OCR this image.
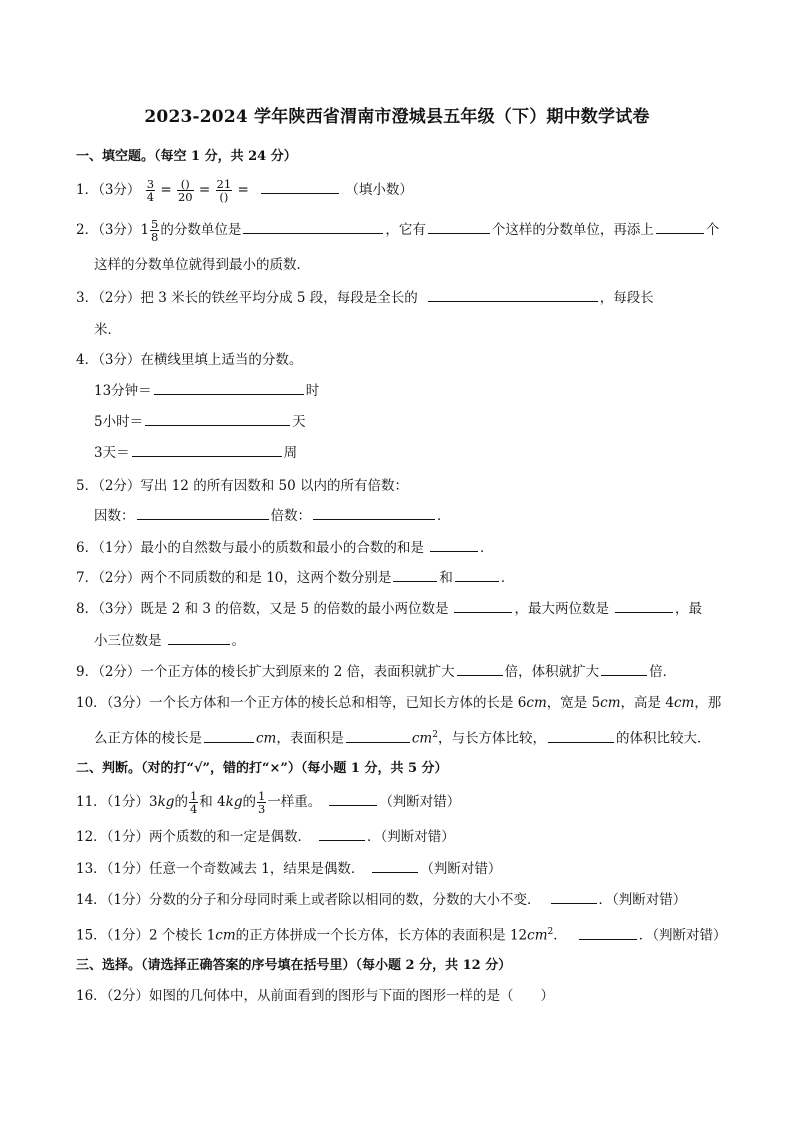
2023-2024 学年陕西省渭南市澄城县五年级（下）期中数学试卷
一、填空题。（每空 1 分，共 24 分）
1．（3分） $\frac{3}{4} = \frac{()}{20} = \frac{21}{()}$ =	（填小数）
2．（3分）$1 \frac{5}{8}$ 的分数单位是	，它有	个这样的分数单位，再添上	个
这样的分数单位就得到最小的质数．
3．（2分）把 3 米长的铁丝平均分成 5 段，每段是全长的	，每段长
米．
4．（3分）在横线里填上适当的分数。
13分钟＝	时
5小时＝	天
3天＝	周
5．（2分）写出 12 的所有因数和 50 以内的所有倍数：
因数：	倍数：	．
6．（1分）最小的自然数与最小的质数和最小的合数的和是	．
7．（2分）两个不同质数的和是 10，这两个数分别是	和	．
8．（3分）既是 2 和 3 的倍数，又是 5 的倍数的最小两位数是	，最大两位数是	，最
小三位数是	。
9．（2分）一个正方体的棱长扩大到原来的 2 倍，表面积就扩大	倍，体积就扩大	倍．
10．（3分）一个长方体和一个正方体的棱长总和相等，已知长方体的长是 6cm，宽是 5cm，高是 4cm，那
么正方体的棱长是	cm，表面积是	$cm^2$，与长方体比较，	的体积比较大．
二、判断。（对的打“√”，错的打“×”）（每小题 1 分，共 5 分）
11．（1分）3kg的 $\frac{1}{4}$ 和 4kg的 $\frac{1}{3}$ 一样重。	（判断对错）
12．（1分）两个质数的和一定是偶数．	．（判断对错）
13．（1分）任意一个奇数减去 1，结果是偶数．	（判断对错）
14．（1分）分数的分子和分母同时乘上或者除以相同的数，分数的大小不变．	．（判断对错）
15．（1分）2 个棱长 1cm的正方体拼成一个长方体，长方体的表面积是 $12cm^2$．	．（判断对错）
三、选择。（请选择正确答案的序号填在括号里）（每小题 2 分，共 12 分）
16．（2分）如图的几何体中，从前面看到的图形与下面的图形一样的是（　　）
